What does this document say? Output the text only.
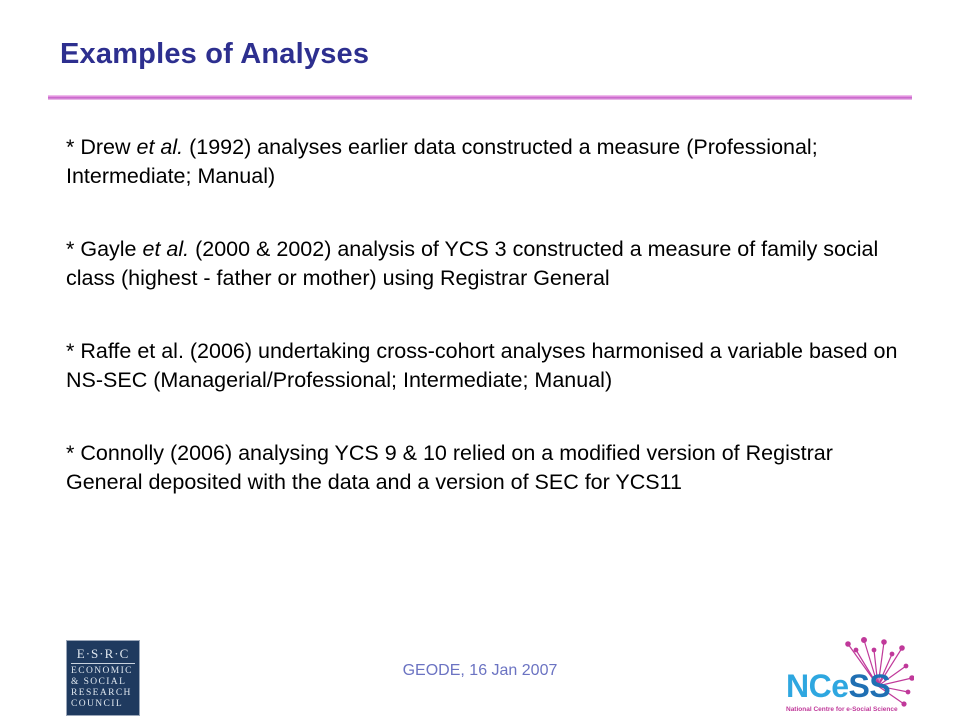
Examples of Analyses

* Drew et al. (1992) analyses earlier data constructed a measure (Professional; Intermediate; Manual)

* Gayle et al. (2000 & 2002) analysis of YCS 3 constructed a measure of family social class (highest - father or mother) using Registrar General

* Raffe et al. (2006) undertaking cross-cohort analyses harmonised a variable based on NS-SEC (Managerial/Professional; Intermediate; Manual)

* Connolly (2006) analysing YCS 9 & 10 relied on a modified version of Registrar General deposited with the data and a version of SEC for YCS11

GEODE, 16 Jan 2007
E·S·R·C
ECONOMIC
& SOCIAL
RESEARCH
COUNCIL	NCeSS
National Centre for e-Social Science
